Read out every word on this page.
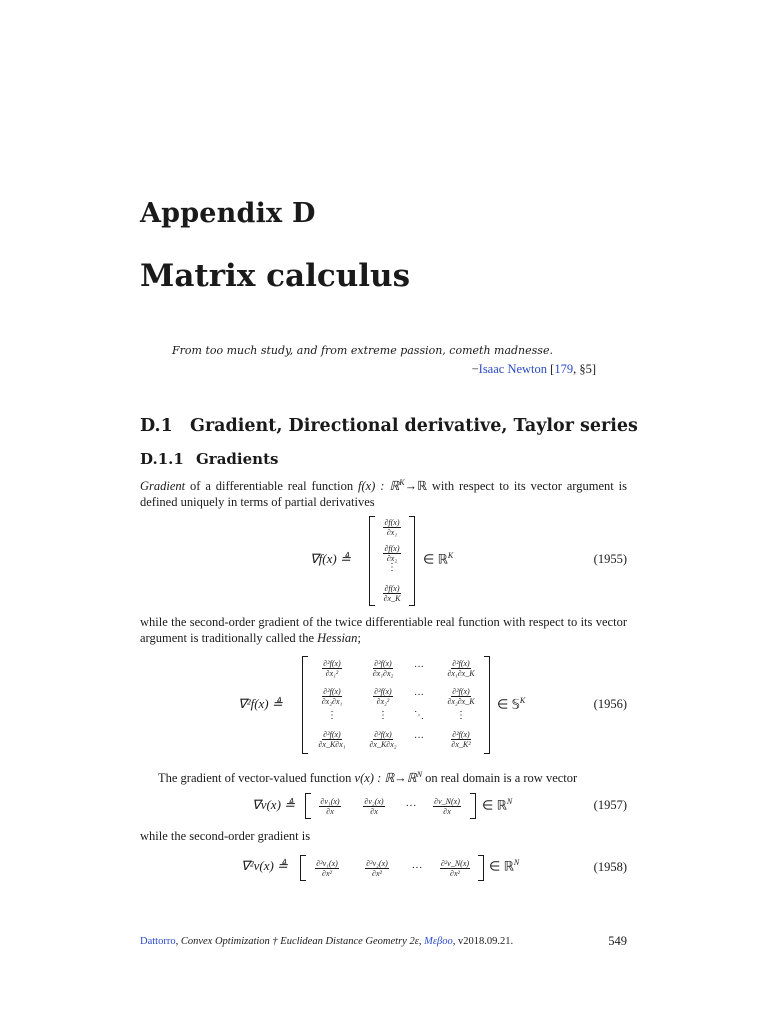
Appendix D
Matrix calculus
From too much study, and from extreme passion, cometh madnesse.
−Isaac Newton [179, §5]
D.1 Gradient, Directional derivative, Taylor series
D.1.1 Gradients
Gradient of a differentiable real function f(x) : ℝ$^K$→ℝ with respect to its vector argument is defined uniquely in terms of partial derivatives
∇f(x) ≜
$\frac{\partial f(x)}{\text{∂x₁}}$
$\frac{\partial f(x)}{\text{∂x₂}}$
⋮
$\frac{\partial f(x)}{\partial x\_K}$
∈ ℝ$^K$	(1955)
while the second-order gradient of the twice differentiable real function with respect to its vector argument is traditionally called the Hessian;
∇²f(x) ≜
$\frac{\text{∂²f(x)}}{\text{∂x₁²}}$	$\frac{\text{∂²f(x)}}{\text{∂x₁∂x₂}}$	···	$\frac{\text{∂²f(x)}}{\text{∂x₁∂x\_K}}$
$\frac{\text{∂²f(x)}}{\text{∂x₂∂x₁}}$	$\frac{\text{∂²f(x)}}{\text{∂x₂²}}$	···	$\frac{\text{∂²f(x)}}{\text{∂x₂∂x\_K}}$
⋮	⋮	⋱	⋮
$\frac{\text{∂²f(x)}}{\text{∂x\_K∂x₁}}$	$\frac{\text{∂²f(x)}}{\text{∂x\_K∂x₂}}$	···	$\frac{\text{∂²f(x)}}{\text{∂x\_K²}}$
∈ 𝕊$^K$	(1956)
The gradient of vector-valued function v(x) : ℝ→ℝ$^N$ on real domain is a row vector
∇v(x) ≜	$\frac{\text{∂v₁(x)}}{\partial x}$	$\frac{\text{∂v₂(x)}}{\partial x}$	···	$\frac{\partial v\_N(x)}{\partial x}$ ∈ ℝ$^N$	(1957)
while the second-order gradient is
∇²v(x) ≜	$\frac{\text{∂²v₁(x)}}{\text{∂x²}}$	$\frac{\text{∂²v₂(x)}}{\text{∂x²}}$	···	$\frac{\text{∂²v\_N(x)}}{\text{∂x²}}$ ∈ ℝ$^N$	(1958)
Dattorro, Convex Optimization † Euclidean Distance Geometry 2ε, Mεβoo, v2018.09.21.	549
